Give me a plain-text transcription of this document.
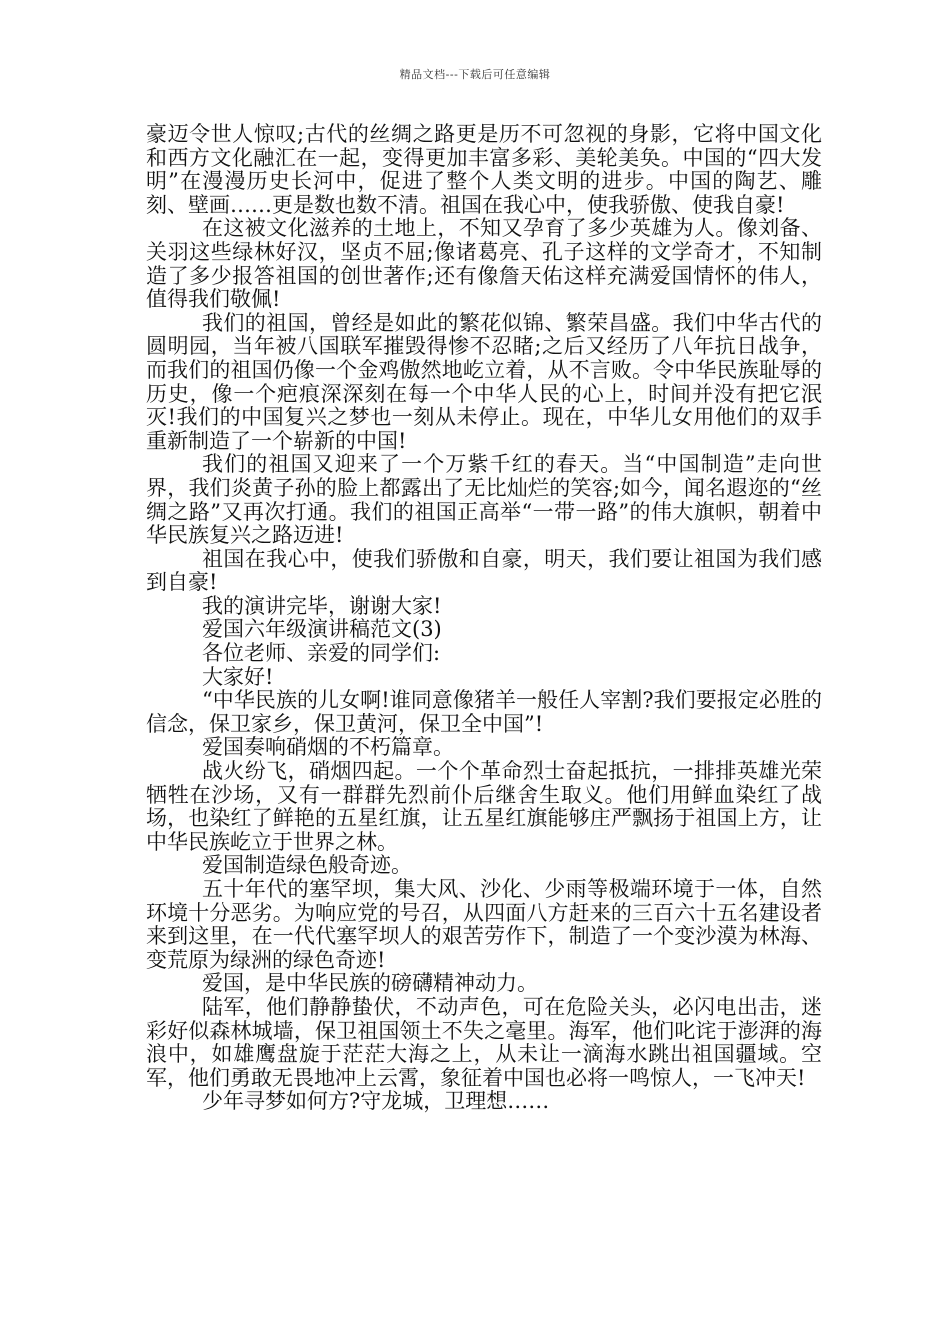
精品文档---下载后可任意编辑

豪迈令世人惊叹;古代的丝绸之路更是历不可忽视的身影，它将中国文化和西方文化融汇在一起，变得更加丰富多彩、美轮美奂。中国的“四大发明”在漫漫历史长河中，促进了整个人类文明的进步。中国的陶艺、雕刻、壁画……更是数也数不清。祖国在我心中，使我骄傲、使我自豪!

在这被文化滋养的土地上，不知又孕育了多少英雄为人。像刘备、关羽这些绿林好汉，坚贞不屈;像诸葛亮、孔子这样的文学奇才，不知制造了多少报答祖国的创世著作;还有像詹天佑这样充满爱国情怀的伟人，值得我们敬佩!

我们的祖国，曾经是如此的繁花似锦、繁荣昌盛。我们中华古代的圆明园，当年被八国联军摧毁得惨不忍睹;之后又经历了八年抗日战争，而我们的祖国仍像一个金鸡傲然地屹立着，从不言败。令中华民族耻辱的历史，像一个疤痕深深刻在每一个中华人民的心上，时间并没有把它泯灭!我们的中国复兴之梦也一刻从未停止。现在，中华儿女用他们的双手重新制造了一个崭新的中国!

我们的祖国又迎来了一个万紫千红的春天。当“中国制造”走向世界，我们炎黄子孙的脸上都露出了无比灿烂的笑容;如今，闻名遐迩的“丝绸之路”又再次打通。我们的祖国正高举“一带一路”的伟大旗帜，朝着中华民族复兴之路迈进!

祖国在我心中，使我们骄傲和自豪，明天，我们要让祖国为我们感到自豪!

我的演讲完毕，谢谢大家!

爱国六年级演讲稿范文(3)

各位老师、亲爱的同学们:

大家好!

“中华民族的儿女啊!谁同意像猪羊一般任人宰割?我们要报定必胜的信念，保卫家乡，保卫黄河，保卫全中国”!

爱国奏响硝烟的不朽篇章。

战火纷飞，硝烟四起。一个个革命烈士奋起抵抗，一排排英雄光荣牺牲在沙场，又有一群群先烈前仆后继舍生取义。他们用鲜血染红了战场，也染红了鲜艳的五星红旗，让五星红旗能够庄严飘扬于祖国上方，让中华民族屹立于世界之林。

爱国制造绿色般奇迹。

五十年代的塞罕坝，集大风、沙化、少雨等极端环境于一体，自然环境十分恶劣。为响应党的号召，从四面八方赶来的三百六十五名建设者来到这里，在一代代塞罕坝人的艰苦劳作下，制造了一个变沙漠为林海、变荒原为绿洲的绿色奇迹!

爱国，是中华民族的磅礴精神动力。

陆军，他们静静蛰伏，不动声色，可在危险关头，必闪电出击，迷彩好似森林城墙，保卫祖国领土不失之毫里。海军，他们叱诧于澎湃的海浪中，如雄鹰盘旋于茫茫大海之上，从未让一滴海水跳出祖国疆域。空军，他们勇敢无畏地冲上云霄，象征着中国也必将一鸣惊人，一飞冲天!

少年寻梦如何方?守龙城，卫理想……
